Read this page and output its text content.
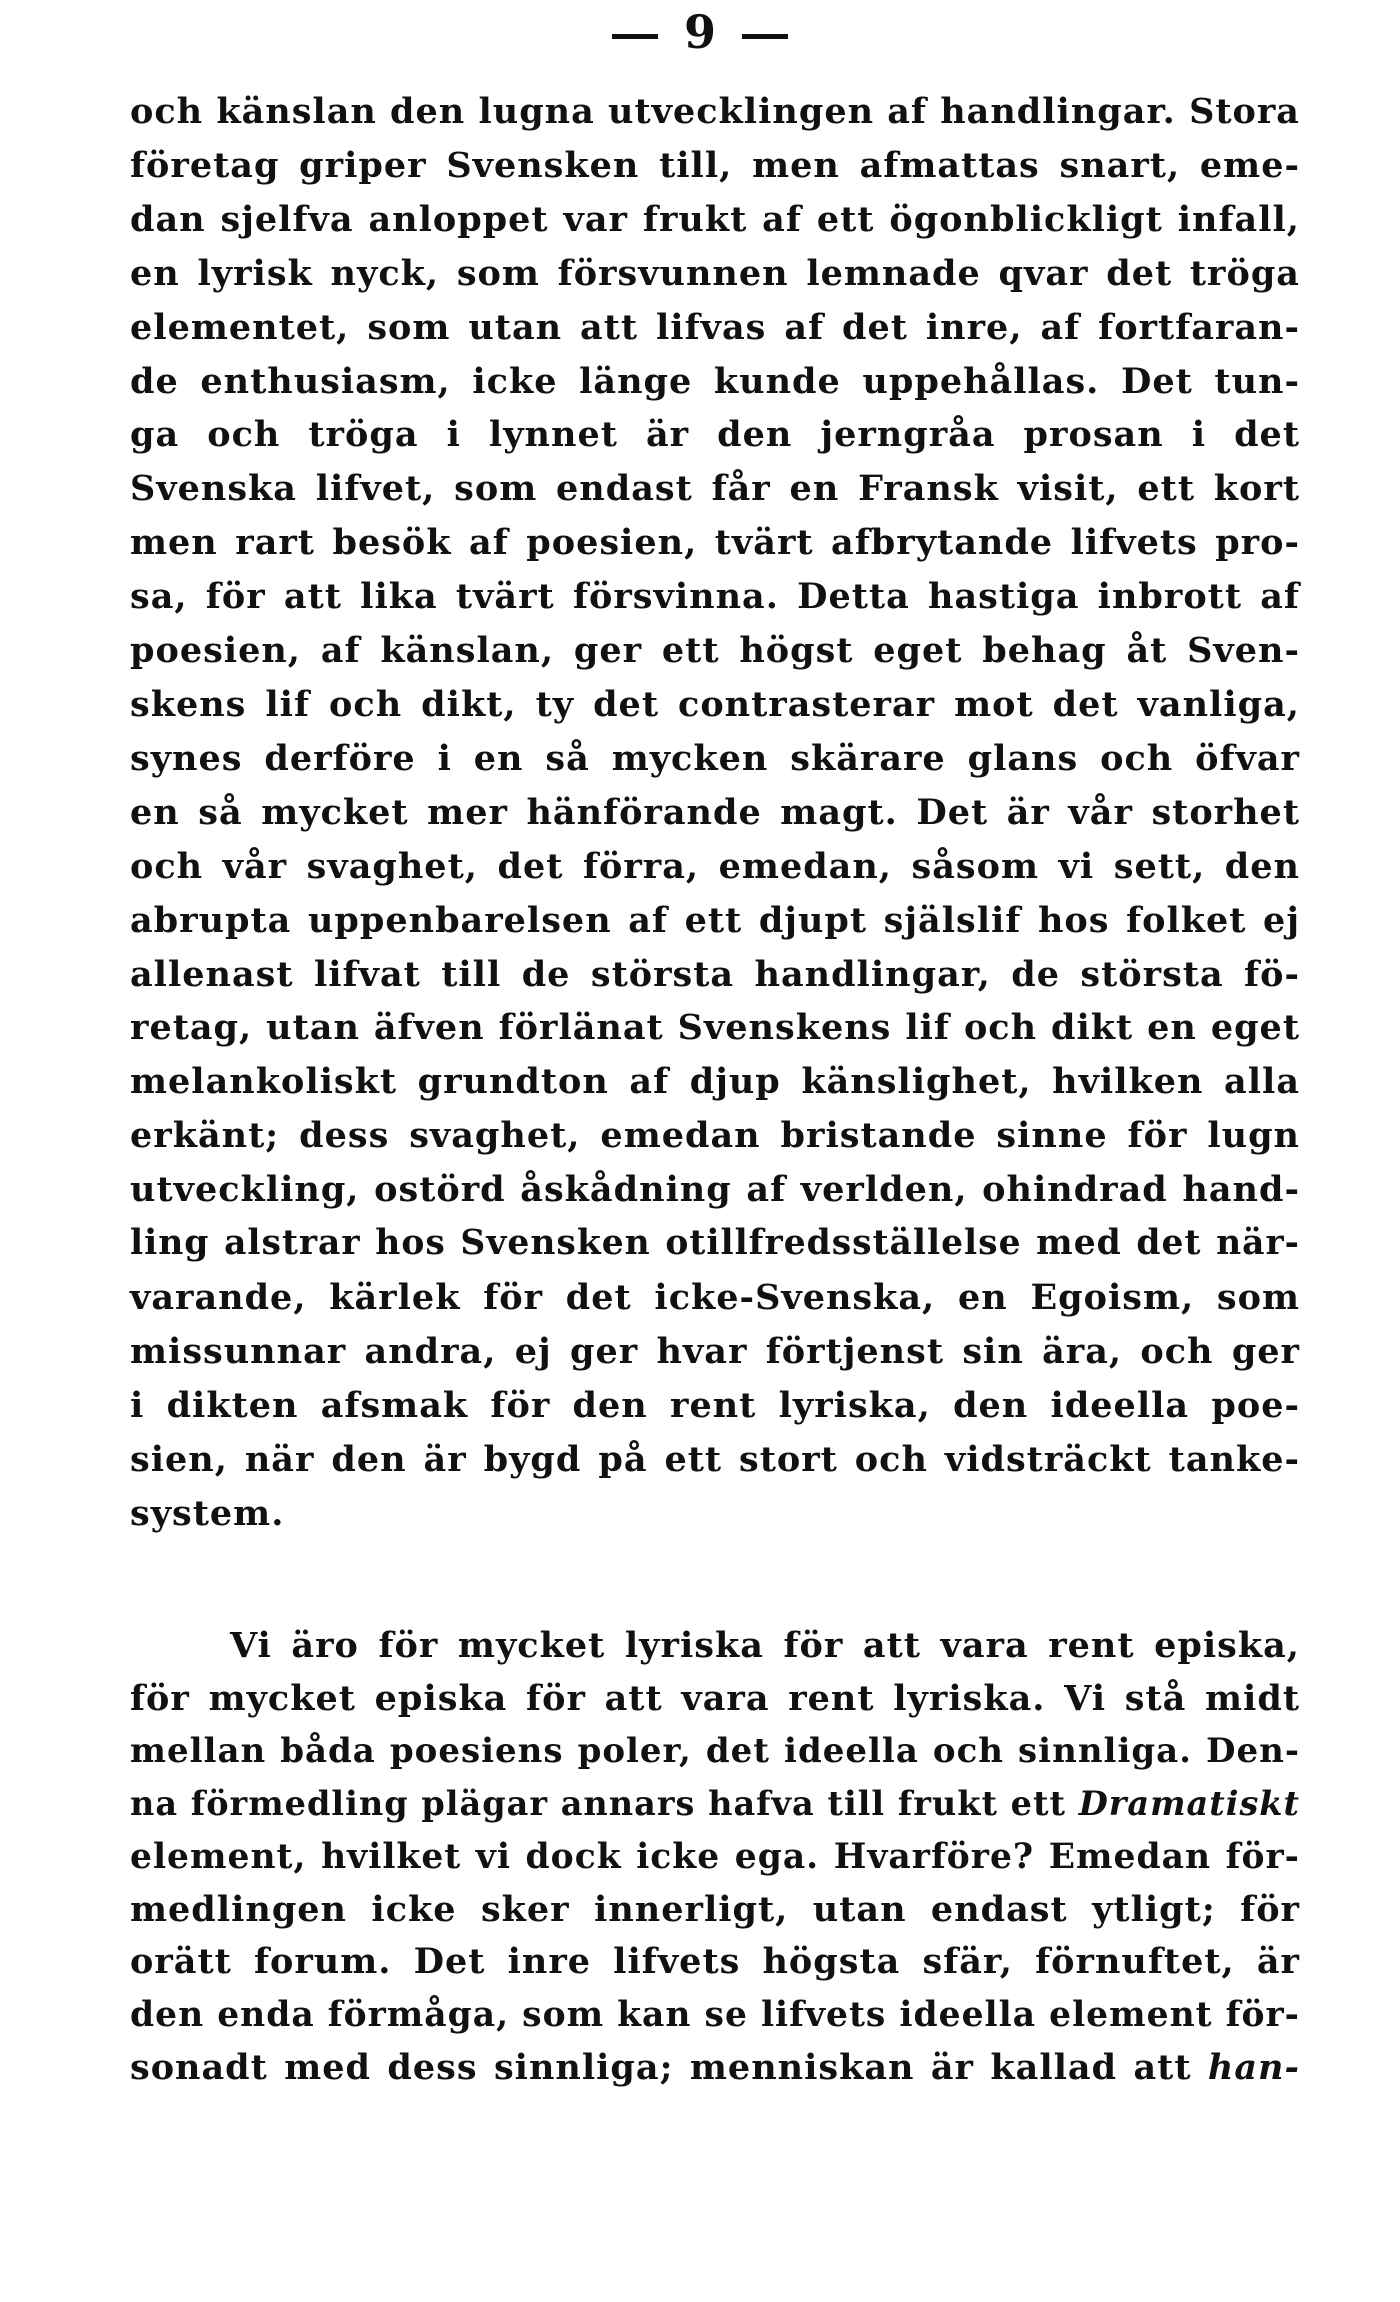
9
och känslan den lugna utvecklingen af handlingar. Stora
företag griper Svensken till, men afmattas snart, eme-
dan sjelfva anloppet var frukt af ett ögonblickligt infall,
en lyrisk nyck, som försvunnen lemnade qvar det tröga
elementet, som utan att lifvas af det inre, af fortfaran-
de enthusiasm, icke länge kunde uppehållas. Det tun-
ga och tröga i lynnet är den jerngråa prosan i det
Svenska lifvet, som endast får en Fransk visit, ett kort
men rart besök af poesien, tvärt afbrytande lifvets pro-
sa, för att lika tvärt försvinna. Detta hastiga inbrott af
poesien, af känslan, ger ett högst eget behag åt Sven-
skens lif och dikt, ty det contrasterar mot det vanliga,
synes derföre i en så mycken skärare glans och öfvar
en så mycket mer hänförande magt. Det är vår storhet
och vår svaghet, det förra, emedan, såsom vi sett, den
abrupta uppenbarelsen af ett djupt själslif hos folket ej
allenast lifvat till de största handlingar, de största fö-
retag, utan äfven förlänat Svenskens lif och dikt en eget
melankoliskt grundton af djup känslighet, hvilken alla
erkänt; dess svaghet, emedan bristande sinne för lugn
utveckling, ostörd åskådning af verlden, ohindrad hand-
ling alstrar hos Svensken otillfredsställelse med det när-
varande, kärlek för det icke-Svenska, en Egoism, som
missunnar andra, ej ger hvar förtjenst sin ära, och ger
i dikten afsmak för den rent lyriska, den ideella poe-
sien, när den är bygd på ett stort och vidsträckt tanke-
system.
Vi äro för mycket lyriska för att vara rent episka,
för mycket episka för att vara rent lyriska. Vi stå midt
mellan båda poesiens poler, det ideella och sinnliga. Den-
na förmedling plägar annars hafva till frukt ett Dramatiskt
element, hvilket vi dock icke ega. Hvarföre? Emedan för-
medlingen icke sker innerligt, utan endast ytligt; för
orätt forum. Det inre lifvets högsta sfär, förnuftet, är
den enda förmåga, som kan se lifvets ideella element för-
sonadt med dess sinnliga; menniskan är kallad att han-
